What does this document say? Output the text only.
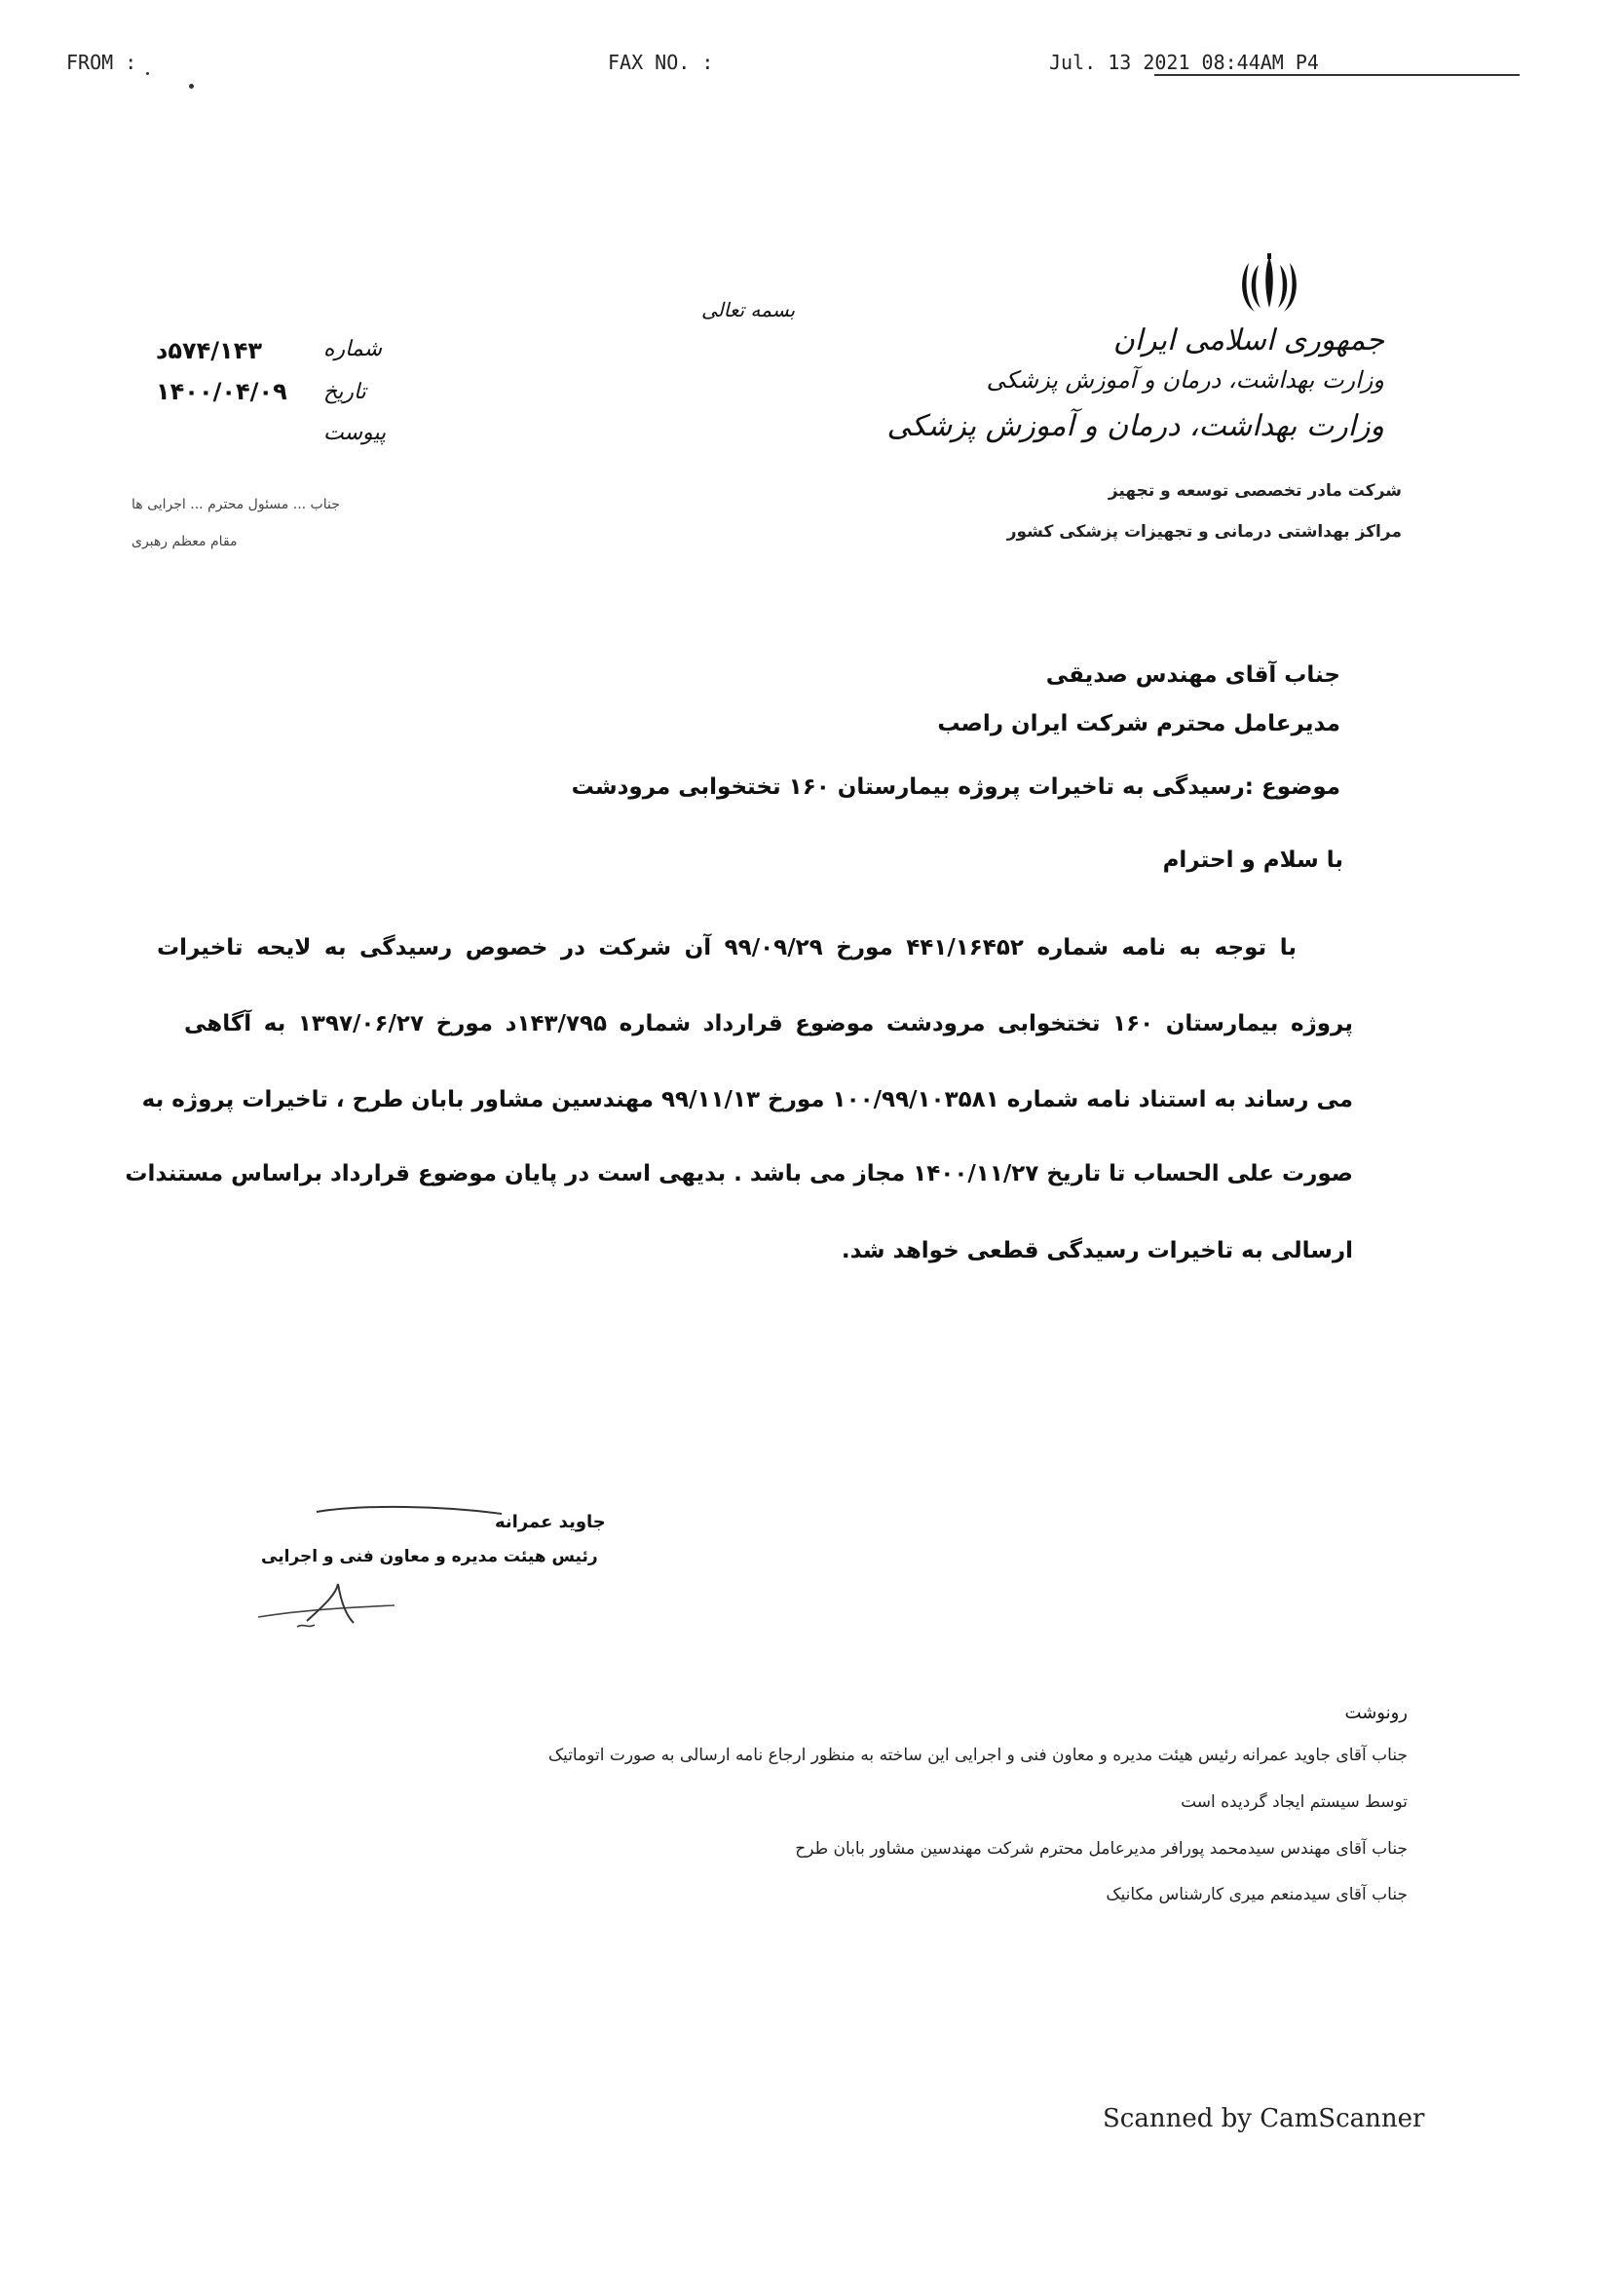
FROM :	FAX NO. :	Jul. 13 2021 08:44AM P4
جمهوری اسلامی ایران
وزارت بهداشت، درمان و آموزش پزشکی
وزارت بهداشت، درمان و آموزش پزشکی
شرکت مادر تخصصی توسعه و تجهیز
مراکز بهداشتی درمانی و تجهیزات پزشکی کشور
بسمه تعالی
شماره
تاریخ
پیوست
۵۷۴/۱۴۳د
۱۴۰۰/۰۴/۰۹
جناب ... مسئول محترم ... اجرایی ها
مقام معظم رهبری
جناب آقای مهندس صدیقی
مدیرعامل محترم شرکت ایران راصب
موضوع :رسیدگی به تاخیرات پروژه بیمارستان ۱۶۰ تختخوابی مرودشت
با سلام و احترام
با توجه به نامه شماره ۴۴۱/۱۶۴۵۲ مورخ ۹۹/۰۹/۲۹ آن شرکت در خصوص رسیدگی به لایحه تاخیرات
پروژه بیمارستان ۱۶۰ تختخوابی مرودشت موضوع قرارداد شماره ۱۴۳/۷۹۵د مورخ ۱۳۹۷/۰۶/۲۷ به آگاهی
می رساند به استناد نامه شماره ۱۰۰/۹۹/۱۰۳۵۸۱ مورخ ۹۹/۱۱/۱۳ مهندسین مشاور بابان طرح ، تاخیرات پروژه به
صورت علی الحساب تا تاریخ ۱۴۰۰/۱۱/۲۷ مجاز می باشد . بدیهی است در پایان موضوع قرارداد براساس مستندات
ارسالی به تاخیرات رسیدگی قطعی خواهد شد.
جاوید عمرانه
رئیس هیئت مدیره و معاون فنی و اجرایی
رونوشت
جناب آقای جاوید عمرانه رئیس هیئت مدیره و معاون فنی و اجرایی این ساخته به منظور ارجاع نامه ارسالی به صورت اتوماتیک
توسط سیستم ایجاد گردیده است
جناب آقای مهندس سیدمحمد پورافر مدیرعامل محترم شرکت مهندسین مشاور بابان طرح
جناب آقای سیدمنعم میری کارشناس مکانیک
Scanned by CamScanner
